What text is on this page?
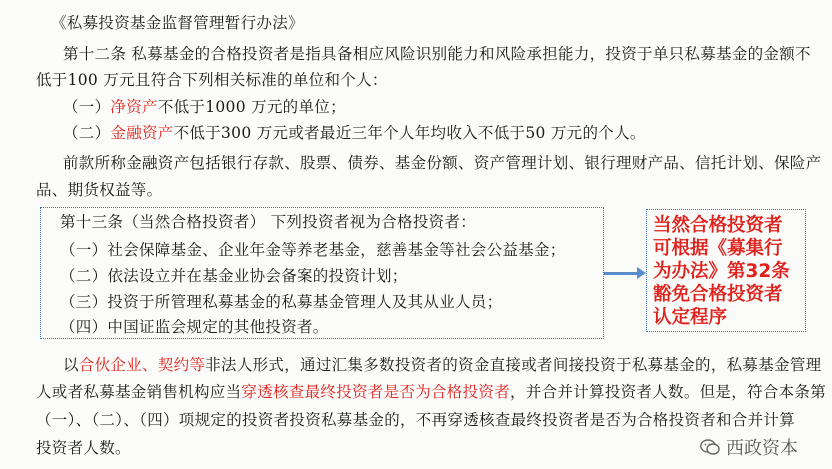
《私募投资基金监督管理暂行办法》
第十二条 私募基金的合格投资者是指具备相应风险识别能力和风险承担能力，投资于单只私募基金的金额不
低于100 万元且符合下列相关标准的单位和个人：
（一）净资产不低于1000 万元的单位；
（二）金融资产不低于300 万元或者最近三年个人年均收入不低于50 万元的个人。
前款所称金融资产包括银行存款、股票、债券、基金份额、资产管理计划、银行理财产品、信托计划、保险产
品、期货权益等。
第十三条（当然合格投资者） 下列投资者视为合格投资者：
（一）社会保障基金、企业年金等养老基金，慈善基金等社会公益基金；
（二）依法设立并在基金业协会备案的投资计划；
（三）投资于所管理私募基金的私募基金管理人及其从业人员；
（四）中国证监会规定的其他投资者。
当然合格投资者
可根据《募集行
为办法》第32条
豁免合格投资者
认定程序
以合伙企业、契约等非法人形式，通过汇集多数投资者的资金直接或者间接投资于私募基金的，私募基金管理
人或者私募基金销售机构应当穿透核查最终投资者是否为合格投资者，并合并计算投资者人数。但是，符合本条第
（一）、（二）、（四）项规定的投资者投资私募基金的，不再穿透核查最终投资者是否为合格投资者和合并计算
投资者人数。	西政资本
